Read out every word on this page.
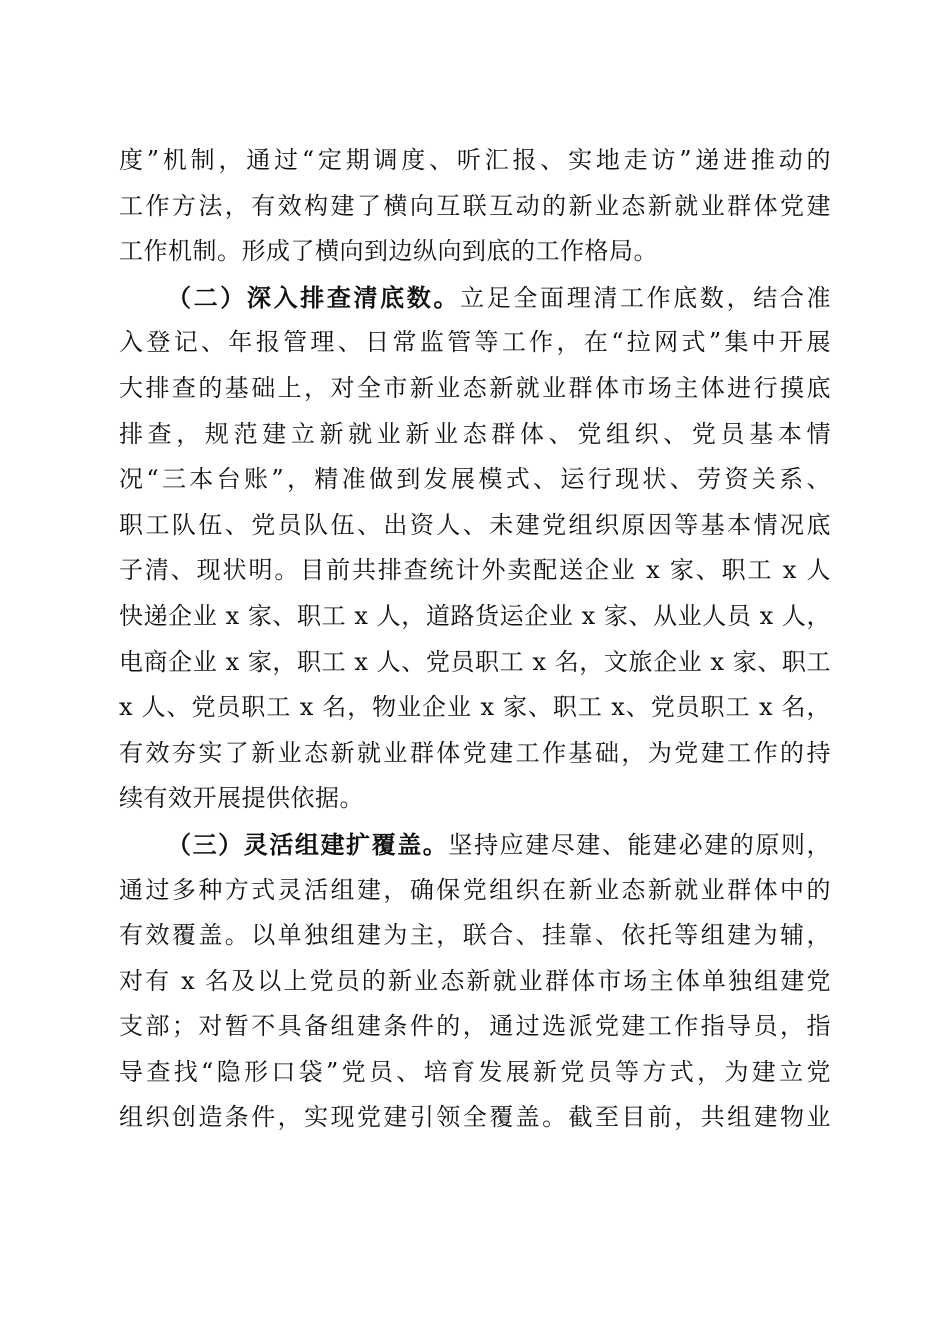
度”机制，通过“定期调度、听汇报、实地走访”递进推动的
工作方法，有效构建了横向互联互动的新业态新就业群体党建
工作机制。形成了横向到边纵向到底的工作格局。
（二）深入排查清底数。立足全面理清工作底数，结合准
入登记、年报管理、日常监管等工作，在“拉网式”集中开展
大排查的基础上，对全市新业态新就业群体市场主体进行摸底
排查，规范建立新就业新业态群体、党组织、党员基本情
况“三本台账”，精准做到发展模式、运行现状、劳资关系、
职工队伍、党员队伍、出资人、未建党组织原因等基本情况底
子清、现状明。目前共排查统计外卖配送企业 x 家、职工 x 人
快递企业 x 家、职工 x 人，道路货运企业 x 家、从业人员 x 人，
电商企业 x 家，职工 x 人、党员职工 x 名，文旅企业 x 家、职工
x 人、党员职工 x 名，物业企业 x 家、职工 x、党员职工 x 名，
有效夯实了新业态新就业群体党建工作基础，为党建工作的持
续有效开展提供依据。
（三）灵活组建扩覆盖。坚持应建尽建、能建必建的原则，
通过多种方式灵活组建，确保党组织在新业态新就业群体中的
有效覆盖。以单独组建为主，联合、挂靠、依托等组建为辅，
对有 x 名及以上党员的新业态新就业群体市场主体单独组建党
支部；对暂不具备组建条件的，通过选派党建工作指导员，指
导查找“隐形口袋”党员、培育发展新党员等方式，为建立党
组织创造条件，实现党建引领全覆盖。截至目前，共组建物业
